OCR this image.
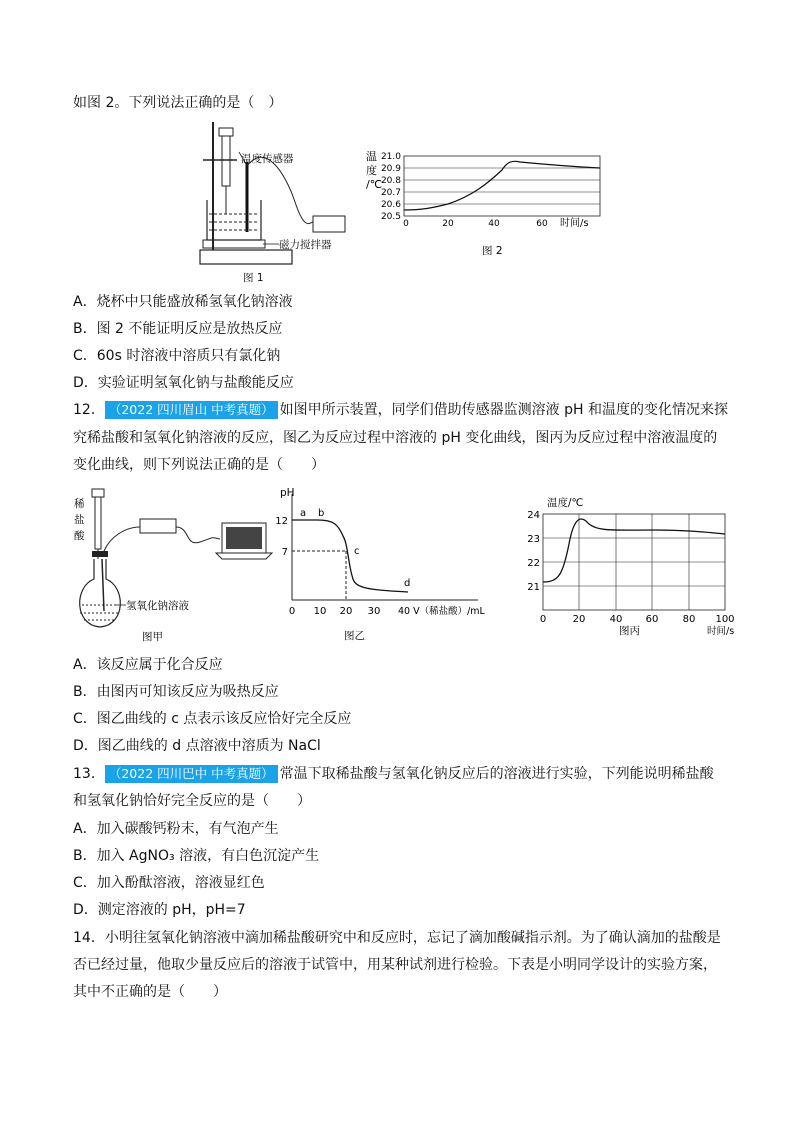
如图 2。下列说法正确的是（　）
温度传感器
磁力搅拌器
图 1
温
度
/℃
21.0
20.9
20.8
20.7
20.6
20.5
0	20	40	60 时间/s
图 2
A．烧杯中只能盛放稀氢氧化钠溶液
B．图 2 不能证明反应是放热反应
C．60s 时溶液中溶质只有氯化钠
D．实验证明氢氧化钠与盐酸能反应
12． （2022 四川眉山 中考真题） 如图甲所示装置，同学们借助传感器监测溶液 pH 和温度的变化情况来探
究稀盐酸和氢氧化钠溶液的反应，图乙为反应过程中溶液的 pH 变化曲线，图丙为反应过程中溶液温度的
变化曲线，则下列说法正确的是（　　）
稀
盐
酸
氢氧化钠溶液
图甲
pH
12
7
a b
c
d
0 10 20 30 40 V（稀盐酸）/mL
图乙
温度/℃
24
23
22
21
0	20 40 60 80 100
时间/s
图丙
A．该反应属于化合反应
B．由图丙可知该反应为吸热反应
C．图乙曲线的 c 点表示该反应恰好完全反应
D．图乙曲线的 d 点溶液中溶质为 NaCl
13． （2022 四川巴中 中考真题） 常温下取稀盐酸与氢氧化钠反应后的溶液进行实验，下列能说明稀盐酸
和氢氧化钠恰好完全反应的是（　　）
A．加入碳酸钙粉末，有气泡产生
B．加入 AgNO₃ 溶液，有白色沉淀产生
C．加入酚酞溶液，溶液显红色
D．测定溶液的 pH，pH=7
14．小明往氢氧化钠溶液中滴加稀盐酸研究中和反应时，忘记了滴加酸碱指示剂。为了确认滴加的盐酸是
否已经过量，他取少量反应后的溶液于试管中，用某种试剂进行检验。下表是小明同学设计的实验方案，
其中不正确的是（　　）
